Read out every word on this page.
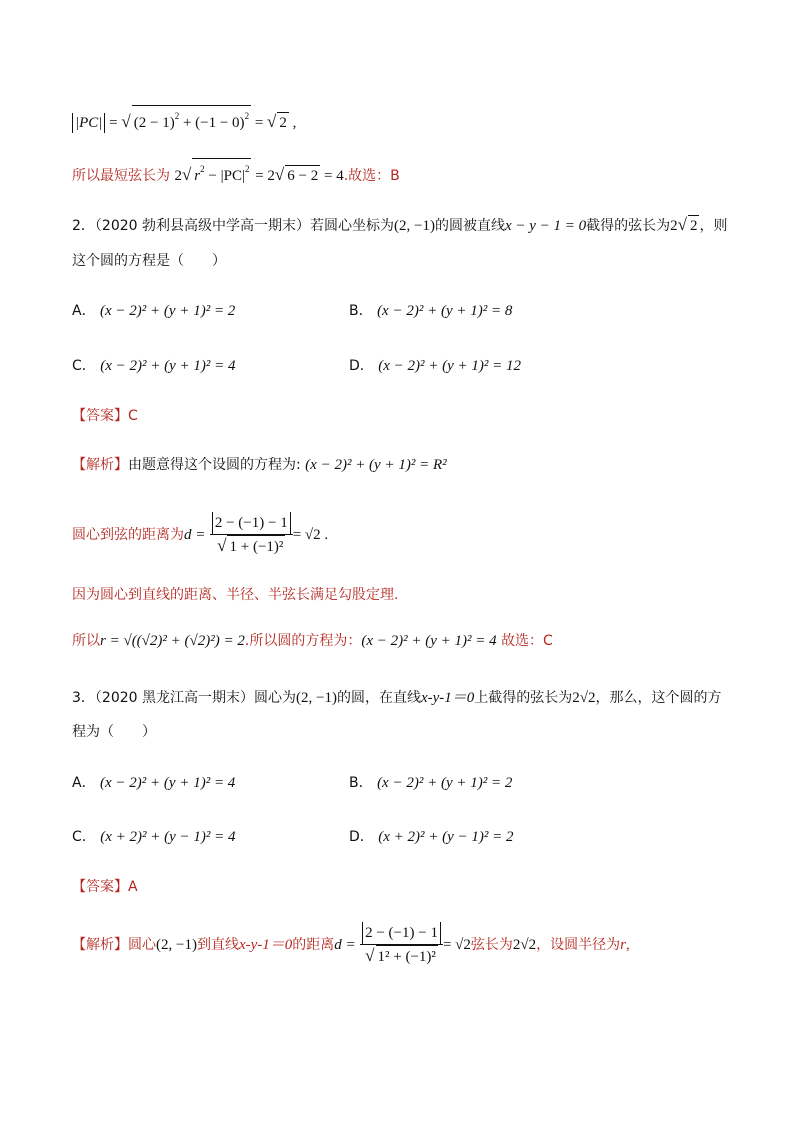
|PC| = √ $(2 - 1)^2 + (-1 - 0)^2$ = √ 2 ,
所以最短弦长为 2√ $r^2 - |PC|^2 = 2√$ 6 − 2 = 4.故选：B
2．（2020 勃利县高级中学高一期末）若圆心坐标为(2, −1)的圆被直线x − y − 1 = 0截得的弦长为2√ 2 ，则
这个圆的方程是（　　）
A． (x − 2)² + (y + 1)² = 2	B． (x − 2)² + (y + 1)² = 8
C． (x − 2)² + (y + 1)² = 4	D． (x − 2)² + (y + 1)² = 12
【答案】C
【解析】由题意得这个设圆的方程为: (x − 2)² + (y + 1)² = R²
圆心到弦的距离为$d = \frac{2 - (-1) - 1}{\text{√ 1 + (−1)²}} = √2$ .
因为圆心到直线的距离、半径、半弦长满足勾股定理.
所以r = √((√2)² + (√2)²) = 2.所以圆的方程为：(x − 2)² + (y + 1)² = 4 故选：C
3．（2020 黑龙江高一期末）圆心为(2, −1)的圆，在直线x-y-1＝0上截得的弦长为2√2，那么，这个圆的方
程为（　　）
A． (x − 2)² + (y + 1)² = 4	B． (x − 2)² + (y + 1)² = 2
C． (x + 2)² + (y − 1)² = 4	D． (x + 2)² + (y − 1)² = 2
【答案】A
【解析】圆心(2, −1)到直线x-y-1＝0的距离$d = \frac{2 - (-1) - 1}{\text{√ 1² + (−1)²}} = √2$弦长为2√2，设圆半径为r,
